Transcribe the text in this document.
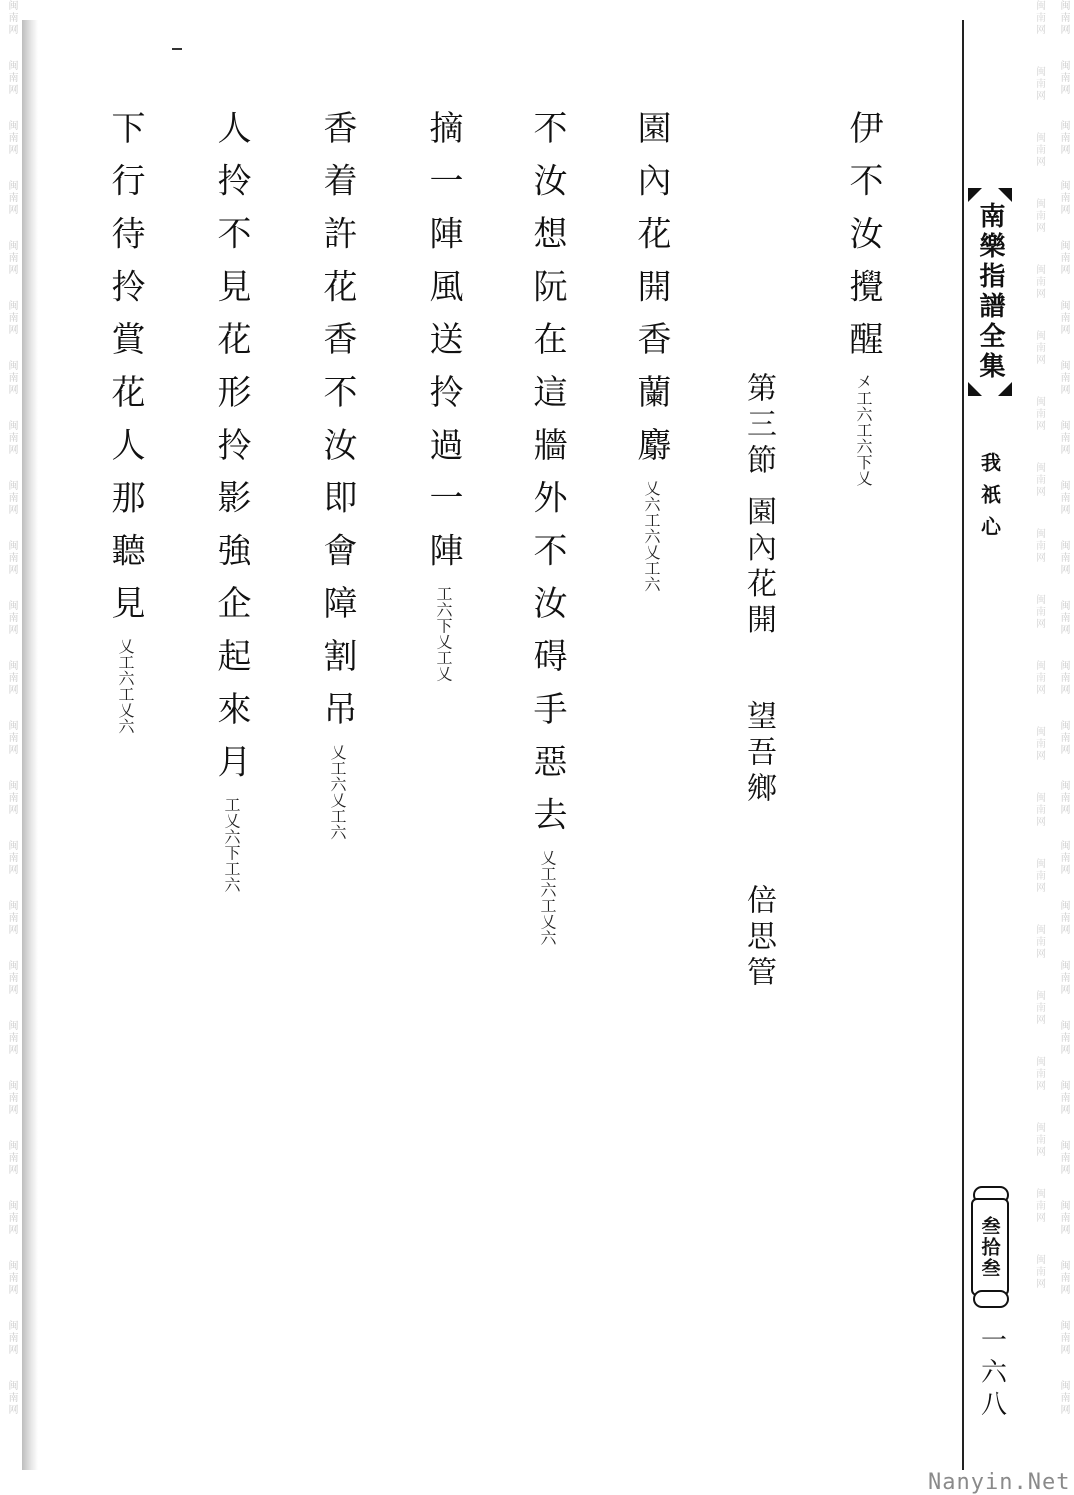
闽南网
闽南网
闽南网
闽南网
闽南网
闽南网
闽南网
闽南网
闽南网
闽南网
闽南网
闽南网
闽南网
闽南网
闽南网
闽南网
闽南网
闽南网
闽南网
闽南网
闽南网
闽南网
闽南网
闽南网
闽南网
闽南网
闽南网
闽南网
闽南网
闽南网
闽南网
闽南网
闽南网
闽南网
闽南网
闽南网
闽南网
闽南网
闽南网
闽南网
闽南网
闽南网
闽南网
闽南网
闽南网
闽南网
闽南网
闽南网
闽南网
闽南网
闽南网
闽南网
闽南网
闽南网
闽南网
闽南网
闽南网
闽南网
闽南网
闽南网
闽南网
闽南网
闽南网
闽南网
闽南网
闽南网
闽南网
闽南网
南樂指譜全集
我祇心
叁拾叁
一六八
第三節 園內花開
望吾鄉
倍思管
伊 不 汝 攪 醒 㐅工六工六下乂
園 內 花 開 香 蘭 麝 乂六工六乂工六
不 汝 想 阮 在 這 牆 外 不 汝 碍 手 惡 去 乂工六工乂六
摘 一 陣 風 送 拎 過 一 陣 工六下乂工乂
香 着 許 花 香 不 汝 即 會 障 割 吊 乂工六乂工六
人 拎 不 見 花 形 拎 影 強 企 起 來 月 工乂六下工六
下 行 待 拎 賞 花 人 那 聽 見 乂工六工乂六
Nanyin.Net
